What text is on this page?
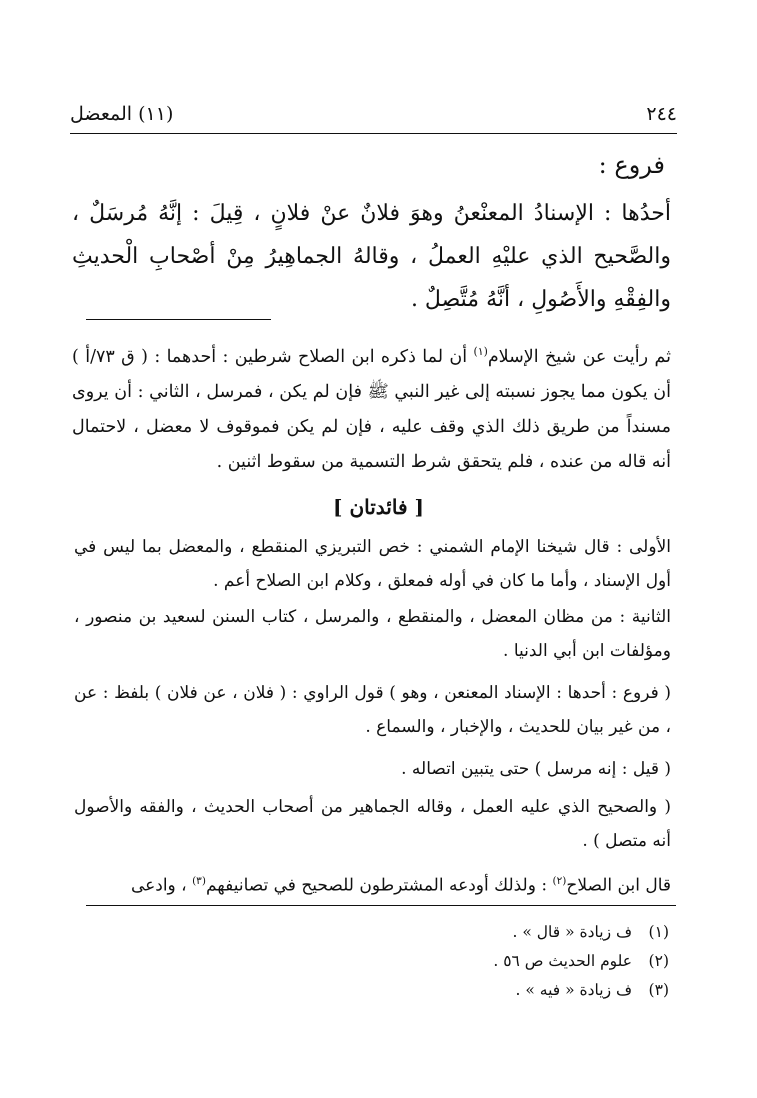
٢٤٤
(١١) المعضل
فروع :
أحدُها : الإسنادُ المعنْعنُ وهوَ فلانٌ عنْ فلانٍ ، قِيلَ : إنَّهُ مُرسَلٌ ، والصَّحيح الذي عليْهِ العملُ ، وقالهُ الجماهِيرُ مِنْ أصْحابِ الْحديثِ والفِقْهِ والأَصُولِ ، أنَّهُ مُتَّصِلٌ .
ثم رأيت عن شيخ الإسلام$^{(١)}$ أن لما ذكره ابن الصلاح شرطين : أحدهما : ( ق ٧٣/أ ) أن يكون مما يجوز نسبته إلى غير النبي ﷺ فإن لم يكن ، فمرسل ، الثاني : أن يروى مسنداً من طريق ذلك الذي وقف عليه ، فإن لم يكن فموقوف لا معضل ، لاحتمال أنه قاله من عنده ، فلم يتحقق شرط التسمية من سقوط اثنين .
[ فائدتان ]
الأولى : قال شيخنا الإمام الشمني : خص التبريزي المنقطع ، والمعضل بما ليس في أول الإسناد ، وأما ما كان في أوله فمعلق ، وكلام ابن الصلاح أعم .
الثانية : من مظان المعضل ، والمنقطع ، والمرسل ، كتاب السنن لسعيد بن منصور ، ومؤلفات ابن أبي الدنيا .
( فروع : أحدها : الإسناد المعنعن ، وهو ) قول الراوي : ( فلان ، عن فلان ) بلفظ : عن ، من غير بيان للحديث ، والإخبار ، والسماع .
( قيل : إنه مرسل ) حتى يتبين اتصاله .
( والصحيح الذي عليه العمل ، وقاله الجماهير من أصحاب الحديث ، والفقه والأصول أنه متصل ) .
قال ابن الصلاح$^{(٢)}$ : ولذلك أودعه المشترطون للصحيح في تصانيفهم$^{(٣)}$ ، وادعى
(١) ف زيادة « قال » .
(٢) علوم الحديث ص ٥٦ .
(٣) ف زيادة « فيه » .
